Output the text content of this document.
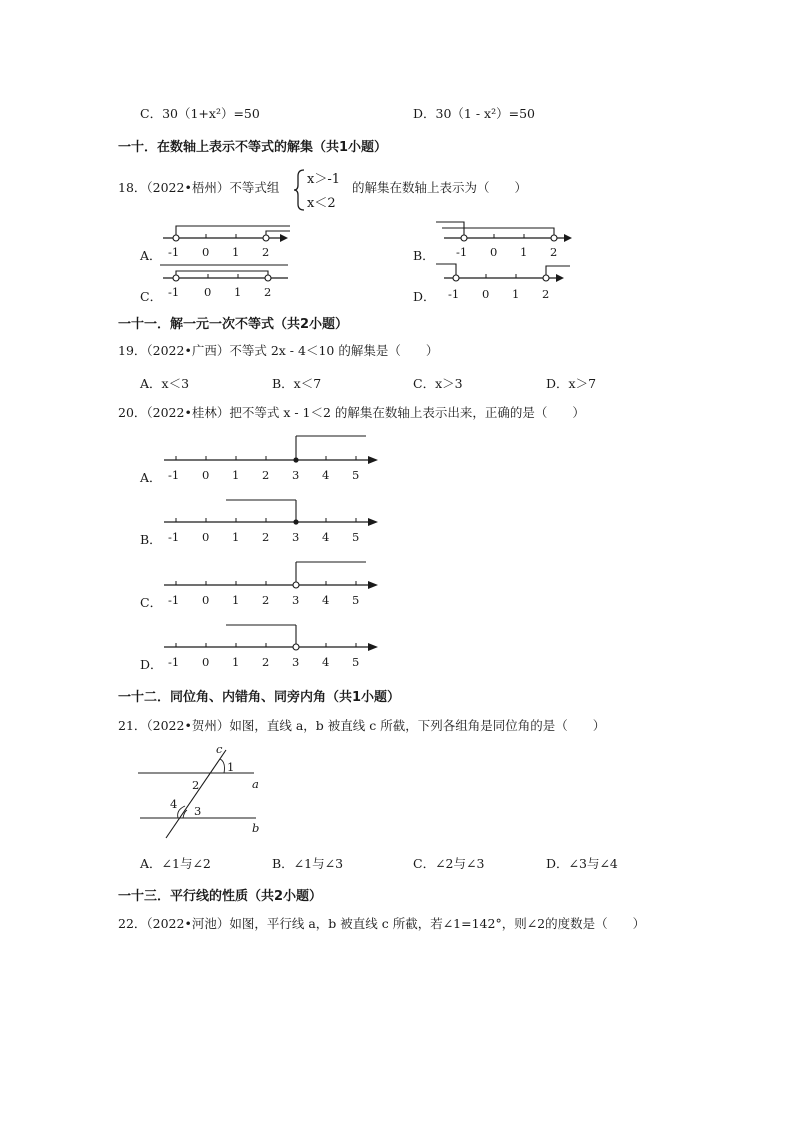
C．30（1+x²）=50	D．30（1 - x²）=50
一十．在数轴上表示不等式的解集（共1小题）
18．（2022•梧州）不等式组
x＞-1
x＜2
的解集在数轴上表示为（　　）
A． -1 0 1 2	B． -1 0 1 2
C． -1 0 1 2	D． -1 0 1 2
一十一．解一元一次不等式（共2小题）
19．（2022•广西）不等式 2x - 4＜10 的解集是（　　）
A．x＜3	B．x＜7	C．x＞3	D．x＞7
20．（2022•桂林）把不等式 x - 1＜2 的解集在数轴上表示出来，正确的是（　　）
A． -1 0 1 2 3 4 5
B． -1 0 1 2 3 4 5
C． -1 0 1 2 3 4 5
D． -1 0 1 2 3 4 5
一十二．同位角、内错角、同旁内角（共1小题）
21．（2022•贺州）如图，直线 a，b 被直线 c 所截，下列各组角是同位角的是（　　）
c
1
2	a
4 3
b
A．∠1与∠2	B．∠1与∠3	C．∠2与∠3	D．∠3与∠4
一十三．平行线的性质（共2小题）
22．（2022•河池）如图，平行线 a，b 被直线 c 所截，若∠1=142°，则∠2的度数是（　　）
